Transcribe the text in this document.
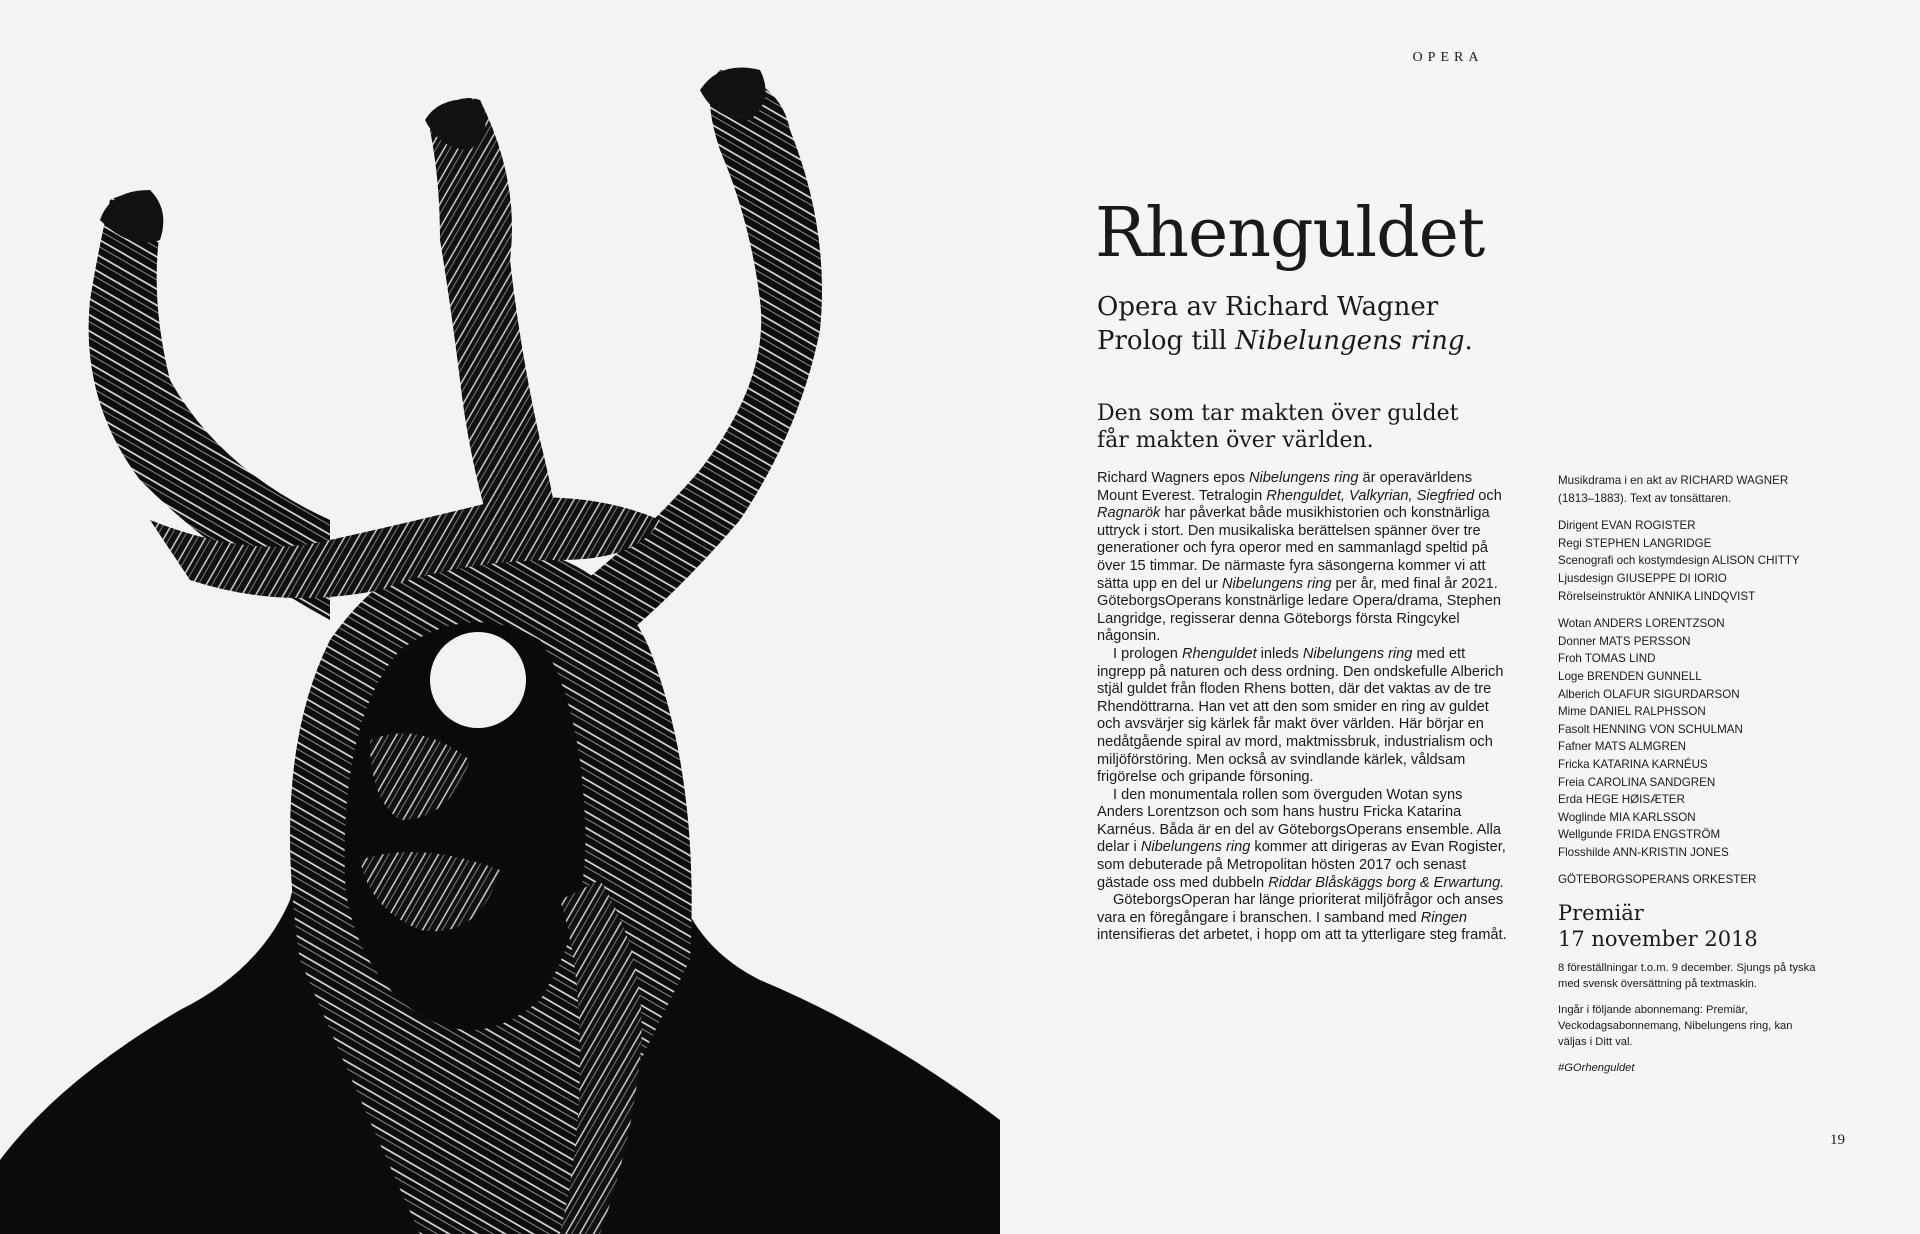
OPERA
Rhenguldet
Opera av Richard Wagner
Prolog till Nibelungens ring.
Den som tar makten över guldet får makten över världen.

Richard Wagners epos Nibelungens ring är operavärldens Mount Everest. Tetralogin Rhenguldet, Valkyrian, Siegfried och Ragnarök har påverkat både musikhistorien och konstnärliga uttryck i stort. Den musikaliska berättelsen spänner över tre generationer och fyra operor med en sammanlagd speltid på över 15 timmar. De närmaste fyra säsongerna kommer vi att sätta upp en del ur Nibelungens ring per år, med final år 2021. GöteborgsOperans konstnärlige ledare Opera/drama, Stephen Langridge, regisserar denna Göteborgs första Ringcykel någonsin.

I prologen Rhenguldet inleds Nibelungens ring med ett ingrepp på naturen och dess ordning. Den ondskefulle Alberich stjäl guldet från floden Rhens botten, där det vaktas av de tre Rhendöttrarna. Han vet att den som smider en ring av guldet och avsvärjer sig kärlek får makt över världen. Här börjar en nedåtgående spiral av mord, maktmissbruk, industrialism och miljöförstöring. Men också av svindlande kärlek, våldsam frigörelse och gripande försoning.

I den monumentala rollen som överguden Wotan syns Anders Lorentzson och som hans hustru Fricka Katarina Karnéus. Båda är en del av GöteborgsOperans ensemble. Alla delar i Nibelungens ring kommer att dirigeras av Evan Rogister, som debuterade på Metropolitan hösten 2017 och senast gästade oss med dubbeln Riddar Blåskäggs borg & Erwartung.

GöteborgsOperan har länge prioriterat miljöfrågor och anses vara en föregångare i branschen. I samband med Ringen intensifieras det arbetet, i hopp om att ta ytterligare steg framåt.

Musikdrama i en akt av RICHARD WAGNER
(1813–1883). Text av tonsättaren.
Dirigent EVAN ROGISTER
Regi STEPHEN LANGRIDGE
Scenografi och kostymdesign ALISON CHITTY
Ljusdesign GIUSEPPE DI IORIO
Rörelseinstruktör ANNIKA LINDQVIST
Wotan ANDERS LORENTZSON
Donner MATS PERSSON
Froh TOMAS LIND
Loge BRENDEN GUNNELL
Alberich OLAFUR SIGURDARSON
Mime DANIEL RALPHSSON
Fasolt HENNING VON SCHULMAN
Fafner MATS ALMGREN
Fricka KATARINA KARNÉUS
Freia CAROLINA SANDGREN
Erda HEGE HØISÆTER
Woglinde MIA KARLSSON
Wellgunde FRIDA ENGSTRÖM
Flosshilde ANN-KRISTIN JONES
GÖTEBORGSOPERANS ORKESTER
Premiär
17 november 2018

8 föreställningar t.o.m. 9 december. Sjungs på tyska med svensk översättning på textmaskin.

Ingår i följande abonnemang: Premiär, Veckodagsabonnemang, Nibelungens ring, kan väljas i Ditt val.

#GOrhenguldet

19
